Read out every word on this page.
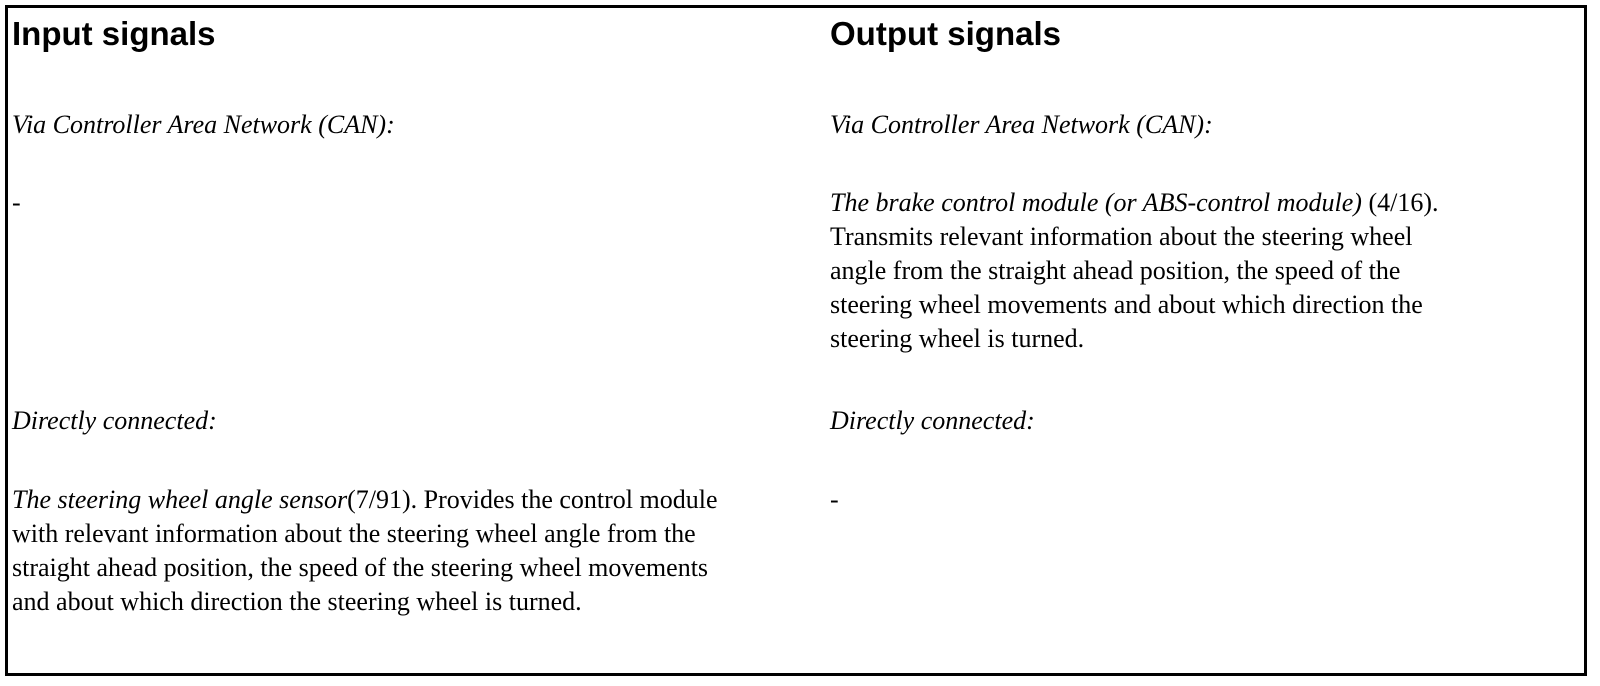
Input signals

Via Controller Area Network (CAN):

-

Directly connected:

The steering wheel angle sensor(7/91). Provides the control module
with relevant information about the steering wheel angle from the
straight ahead position, the speed of the steering wheel movements
and about which direction the steering wheel is turned.
Output signals

Via Controller Area Network (CAN):

The brake control module (or ABS-control module) (4/16).
Transmits relevant information about the steering wheel
angle from the straight ahead position, the speed of the
steering wheel movements and about which direction the
steering wheel is turned.

Directly connected:

-
